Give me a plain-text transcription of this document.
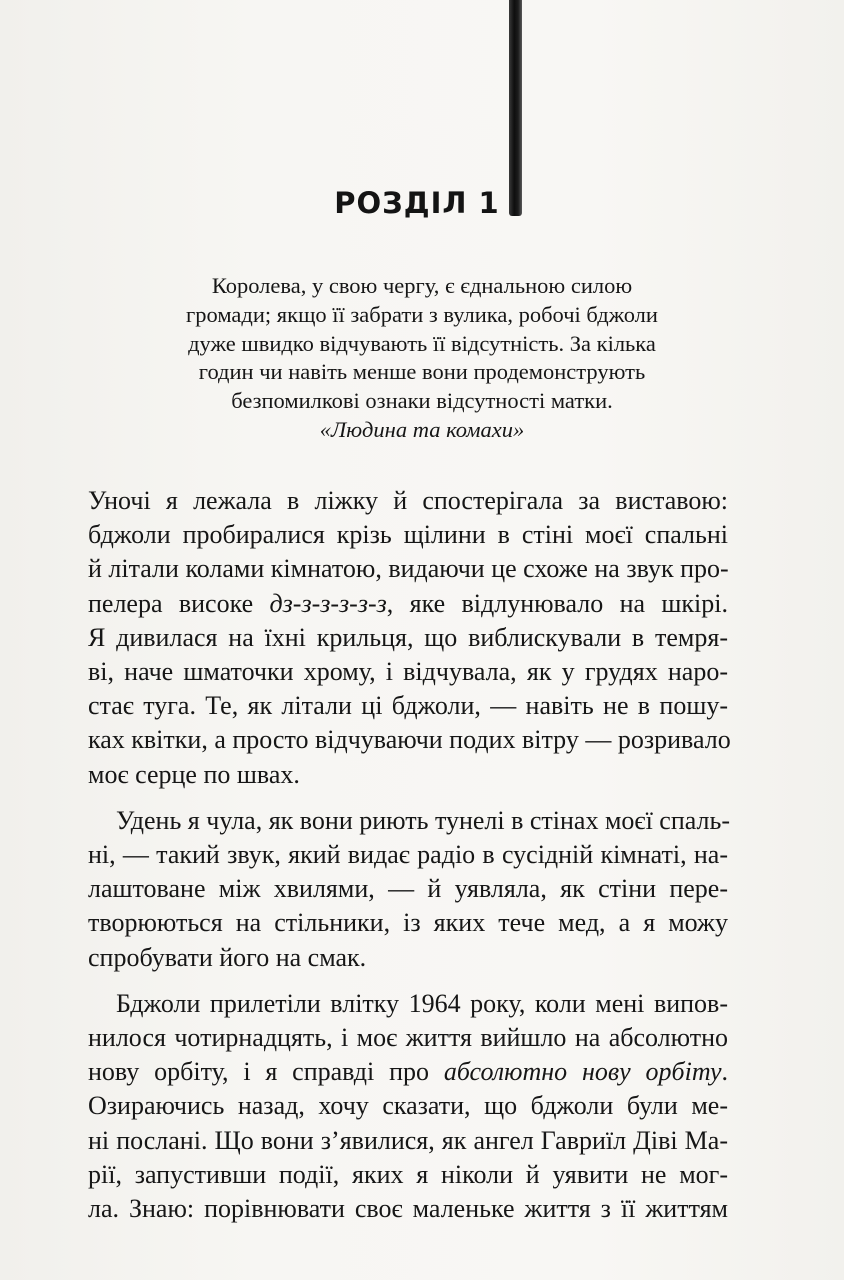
РОЗДІЛ 1
Королева, у свою чергу, є єднальною силою
громади; якщо її забрати з вулика, робочі бджоли
дуже швидко відчувають її відсутність. За кілька
годин чи навіть менше вони продемонструють
безпомилкові ознаки відсутності матки.
«Людина та комахи»
Уночі я лежала в ліжку й спостерігала за виставою:
бджоли пробиралися крізь щілини в стіні моєї спальні
й літали колами кімнатою, видаючи це схоже на звук про-
пелера високе дз-з-з-з-з-з, яке відлунювало на шкірі.
Я дивилася на їхні крильця, що виблискували в темря-
ві, наче шматочки хрому, і відчувала, як у грудях наро-
стає туга. Те, як літали ці бджоли, — навіть не в пошу-
ках квітки, а просто відчуваючи подих вітру — розривало
моє серце по швах.
Удень я чула, як вони риють тунелі в стінах моєї спаль-
ні, — такий звук, який видає радіо в сусідній кімнаті, на-
лаштоване між хвилями, — й уявляла, як стіни пере-
творюються на стільники, із яких тече мед, а я можу
спробувати його на смак.
Бджоли прилетіли влітку 1964 року, коли мені випов-
нилося чотирнадцять, і моє життя вийшло на абсолютно
нову орбіту, і я справді про абсолютно нову орбіту.
Озираючись назад, хочу сказати, що бджоли були ме-
ні послані. Що вони з’явилися, як ангел Гавриїл Діві Ма-
рії, запустивши події, яких я ніколи й уявити не мог-
ла. Знаю: порівнювати своє маленьке життя з її життям
